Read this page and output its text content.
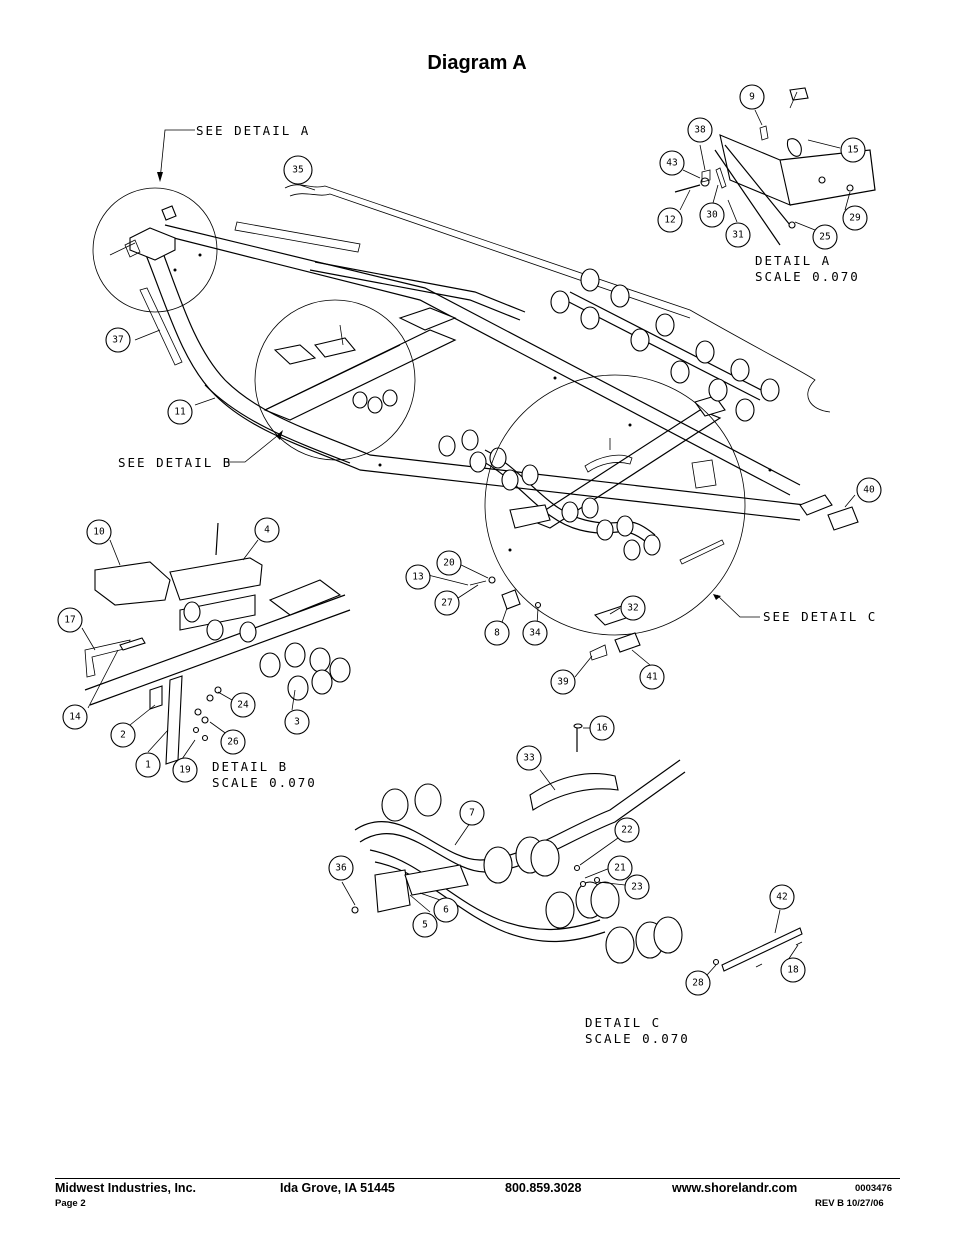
Diagram A
1
2
3
4
5
6
7
8
9
10
11
12
13
14
15
16
17
18
19
20
21
22
23
24
25
26
27
28
29
30
31
32
33
34
35
36
37
38
39
40
41
42
43
SEE DETAIL A
SEE DETAIL B
SEE DETAIL C
DETAIL A
SCALE 0.070
DETAIL B
SCALE 0.070
DETAIL C
SCALE 0.070
Midwest Industries, Inc.
Page 2
Ida Grove, IA 51445	800.859.3028	www.shorelandr.com	0003476
REV B 10/27/06
